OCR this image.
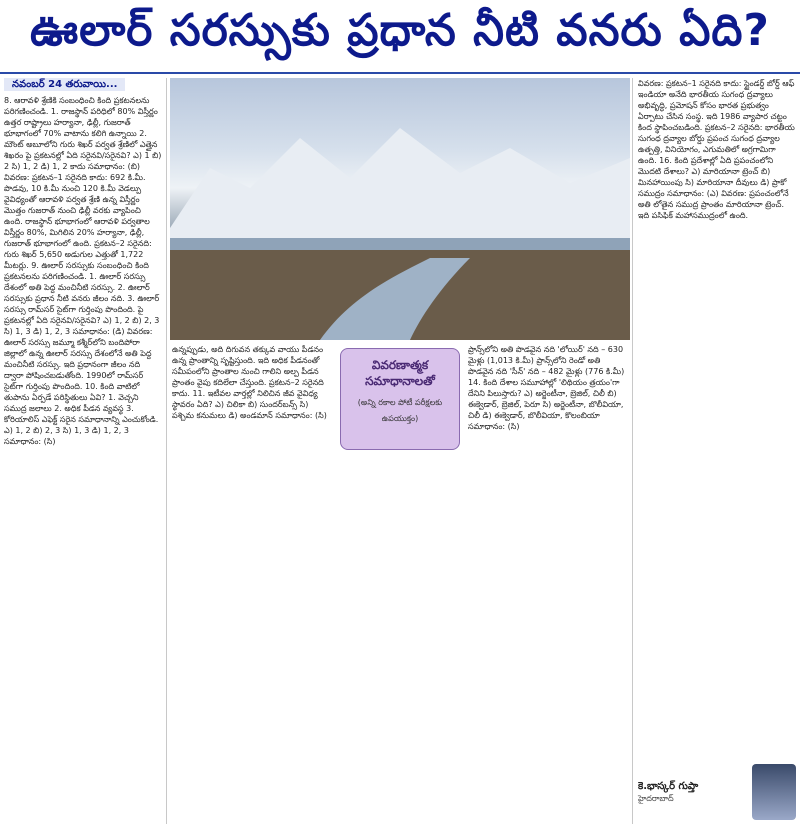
ఊలార్ సరస్సుకు ప్రధాన నీటి వనరు ఏది?
నవంబర్ 24 తరువాయి...

8. ఆరావళి శ్రేణికి సంబంధించి కింది ప్రకటనలను పరిగణించండి. 1. రాజస్థాన్ పరిధిలో 80% విస్తీర్ణం ఉత్తర రాష్ట్రాలు హర్యానా, ఢిల్లీ, గుజరాత్ భూభాగంలో 70% వాటాను కలిగి ఉన్నాయి 2. మౌంట్ అబూలోని గురు శిఖర్ పర్వత శ్రేణిలో ఎత్తైన శిఖరం పై ప్రకటనల్లో ఏది సరైనవి/సరైనవి? ఎ) 1 బి) 2 సి) 1, 2 డి) 1, 2 కాదు సమాధానం: (బి) వివరణ: ప్రకటన–1 సరైనది కాదు: 692 కి.మీ. పొడవు, 10 కి.మీ నుంచి 120 కి.మీ వెడల్పు వైవిధ్యంతో ఆరావళి పర్వత శ్రేణి ఉన్న విస్తీర్ణం మొత్తం గుజరాత్ నుంచి ఢిల్లీ వరకు వ్యాపించి ఉంది. రాజస్థాన్ భూభాగంలో ఆరావళి పర్వతాల విస్తీర్ణం 80%, మిగిలిన 20% హర్యానా, ఢిల్లీ, గుజరాత్ భూభాగంలో ఉంది. ప్రకటన–2 సరైనది: గురు శిఖర్ 5,650 అడుగుల ఎత్తుతో 1,722 మీటర్లు. 9. ఊలార్ సరస్సుకు సంబంధించి కింది ప్రకటనలను పరిగణించండి. 1. ఊలార్ సరస్సు దేశంలో అతి పెద్ద మంచినీటి సరస్సు. 2. ఊలార్ సరస్సుకు ప్రధాన నీటి వనరు జీలం నది. 3. ఊలార్ సరస్సు రామ్‌సర్ సైట్‌గా గుర్తింపు పొందింది. పై ప్రకటనల్లో ఏది సరైనవి/సరైనవి? ఎ) 1, 2 బి) 2, 3 సి) 1, 3 డి) 1, 2, 3 సమాధానం: (డి) వివరణ: ఊలార్ సరస్సు జమ్మూ కశ్మీర్‌లోని బందిపోరా జిల్లాలో ఉన్న ఊలార్ సరస్సు దేశంలోనే అతి పెద్ద మంచినీటి సరస్సు. ఇది ప్రధానంగా జీలం నది ద్వారా పోషించబడుతోంది. 1990లో రామ్‌సర్ సైట్‌గా గుర్తింపు పొందింది. 10. కింది వాటిలో తుపాను ఏర్పడే పరిస్థితులు ఏవి? 1. వెచ్చని సముద్ర జలాలు 2. అధిక పీడన వ్యవస్థ 3. కోరియాలిస్ ఎఫెక్ట్ సరైన సమాధానాన్ని ఎంచుకోండి. ఎ) 1, 2 బి) 2, 3 సి) 1, 3 డి) 1, 2, 3 సమాధానం: (సి)

ఉన్నప్పుడు, అది దిగువన తక్కువ వాయు పీడనం ఉన్న ప్రాంతాన్ని సృష్టిస్తుంది. ఇది అధిక పీడనంతో సమీపంలోని ప్రాంతాల నుంచి గాలిని అల్ప పీడన ప్రాంతం వైపు కదిలేలా చేస్తుంది. ప్రకటన–2 సరైనది కాదు. 11. ఇటీవల వార్తల్లో నిలిచిన జీవ వైవిధ్య స్థావరం ఏది? ఎ) చిలికా బి) సుందర్‌బన్స్ సి) పశ్చిమ కనుమలు డి) అండమాన్ సమాధానం: (సి)

వివరణాత్మక
సమాధానాలతో
(అన్ని రకాల పోటీ పరీక్షలకు ఉపయుక్తం)

ప్రాన్స్‌లోని అతి పొడవైన నది 'లోయిర్' నది – 630 మైళ్లు (1,013 కి.మీ) ప్రాన్స్‌లోని రెండో అతి పొడవైన నది 'సీన్' నది – 482 మైళ్లు (776 కి.మీ) 14. కింది దేశాల సమూహాల్లో 'లిథియం త్రయం'గా దేనిని పిలుస్తారు? ఎ) అర్జెంటీనా, బ్రెజిల్, చిలీ బి) ఈక్వెడార్, బ్రెజిల్, పెరూ సి) అర్జెంటీనా, బొలీవియా, చిలీ డి) ఈక్వెడార్, బొలీవియా, కొలంబియా సమాధానం: (సి)

వివరణ: ప్రకటన–1 సరైనది కాదు: స్టైండర్డ్ బోర్డ్ ఆఫ్ ఇండియా అనేది భారతీయ సుగంధ ద్రవ్యాలు అభివృద్ధి, ప్రమోషన్ కోసం భారత ప్రభుత్వం ఏర్పాటు చేసిన సంస్థ. ఇది 1986 వ్యాపార చట్టం కింద స్థాపించబడింది. ప్రకటన–2 సరైనది: భారతీయ సుగంధ ద్రవ్యాల బోర్డు ప్రపంచ సుగంధ ద్రవ్యాల ఉత్పత్తి, వినియోగం, ఎగుమతిలో అగ్రగామిగా ఉంది. 16. కింది ప్రదేశాల్లో ఏది ప్రపంచంలోని మొదటి దేశాలు? ఎ) మారియానా ట్రెంచ్ బి) మినహాయింపు సి) మారియానా దీవులు డి) ప్రాకో సముద్రం సమాధానం: (ఎ) వివరణ: ప్రపంచంలోనే అతి లోతైన సముద్ర ప్రాంతం మారియానా ట్రెంచ్. ఇది పసిఫిక్ మహాసముద్రంలో ఉంది.

కె.భాస్కర్ గుప్తా
హైదరాబాద్
